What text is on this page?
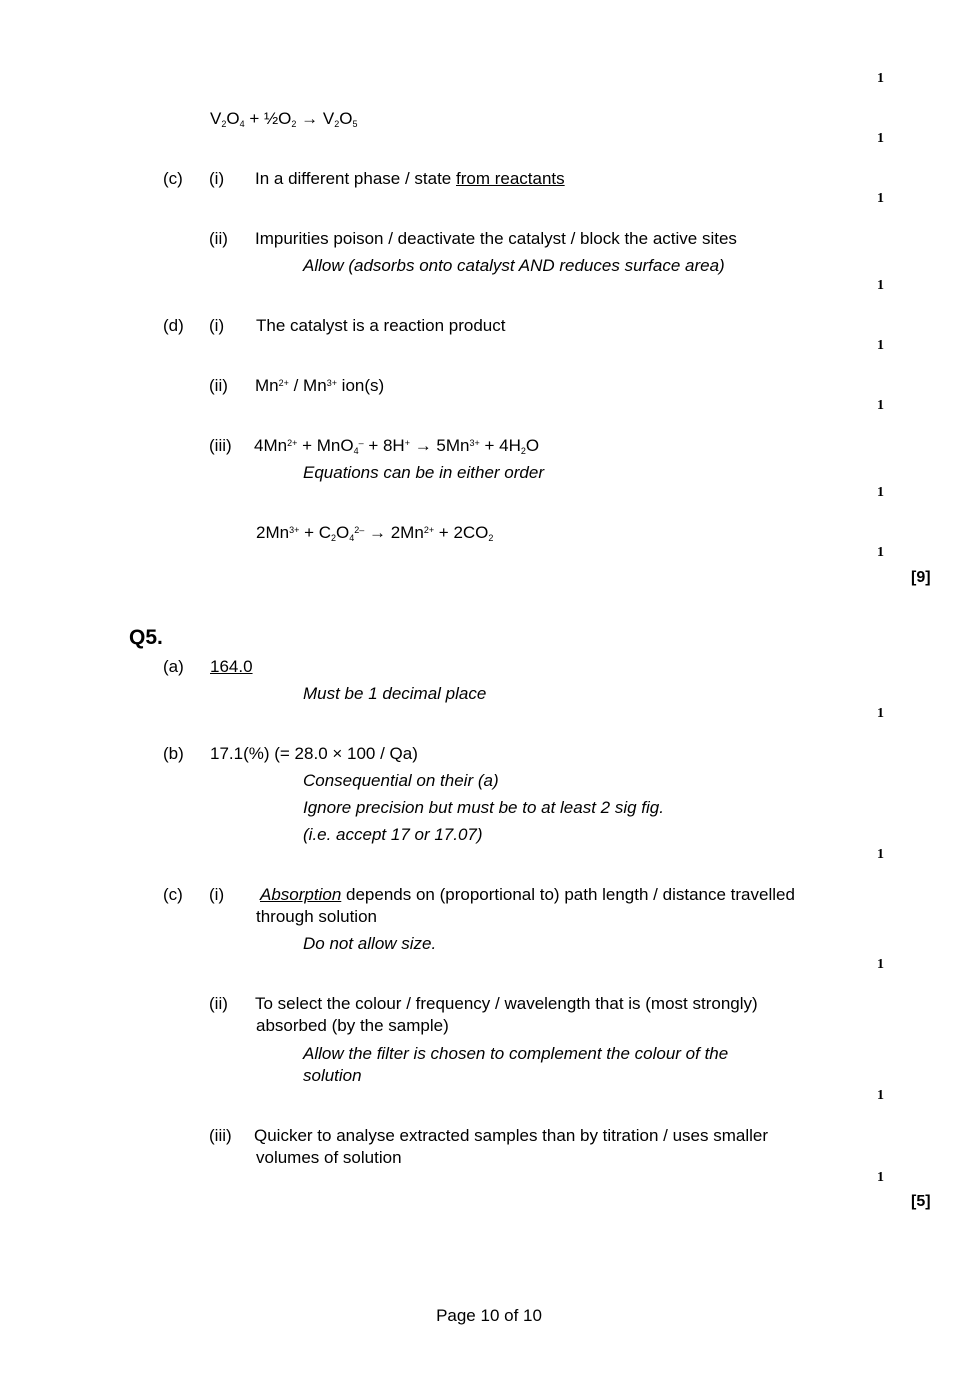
1
$V_2O_4$ + $\frac{1}{2}O_2 \to V_2O_5$
1
(c) (i) In a different phase / state from reactants
1
(ii) Impurities poison / deactivate the catalyst / block the active sites
Allow (adsorbs onto catalyst AND reduces surface area)
1
(d) (i) The catalyst is a reaction product
1
(ii) $Mn^{2+} / Mn^{3+}$ ion(s)
1
(iii) $4Mn^{2+} + MnO_4^- + 8H^+ \to 5Mn^{3+} + 4H_2O$
Equations can be in either order
1
$2Mn^{3+} + C_2O_4^{2-} \to 2Mn^{2+} + 2CO_2$
1
[9]
Q5.
(a) 164.0
Must be 1 decimal place
1
(b) 17.1(%) (= 28.0 × 100 / Qa)
Consequential on their (a)
Ignore precision but must be to at least 2 sig fig.
(i.e. accept 17 or 17.07)
1
(c) (i) Absorption depends on (proportional to) path length / distance travelled
through solution
Do not allow size.
1
(ii) To select the colour / frequency / wavelength that is (most strongly)
absorbed (by the sample)
Allow the filter is chosen to complement the colour of the
solution
1
(iii) Quicker to analyse extracted samples than by titration / uses smaller
volumes of solution
1
[5]
Page 10 of 10
